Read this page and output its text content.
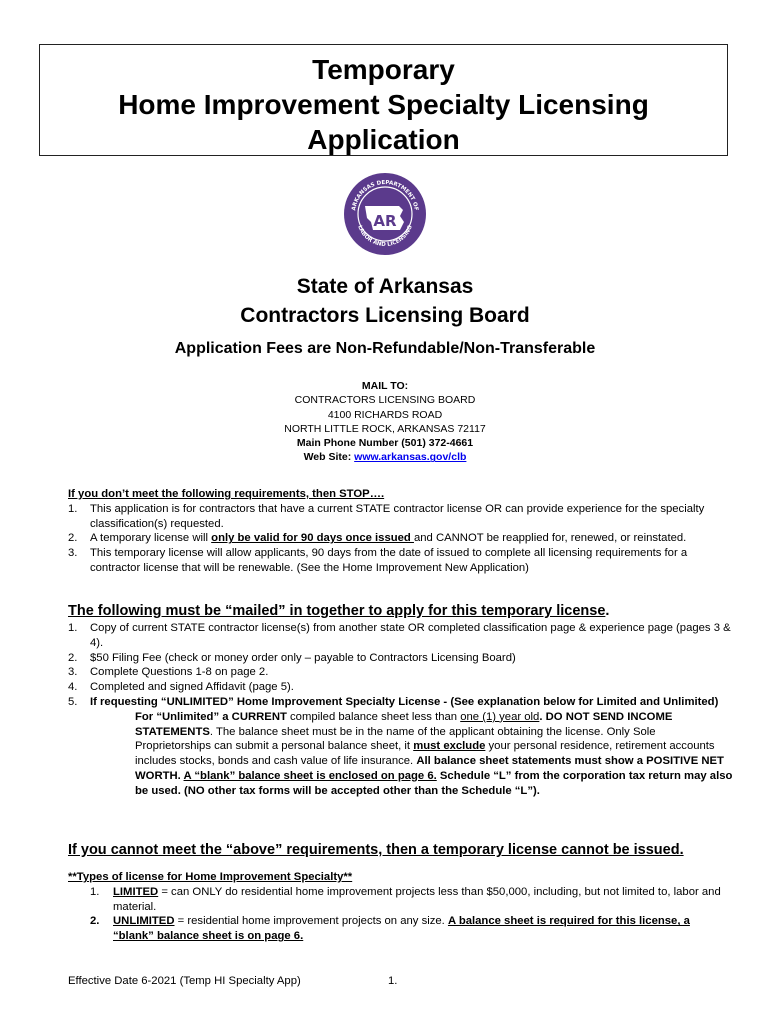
Temporary
Home Improvement Specialty Licensing
Application
ARKANSAS DEPARTMENT OF
LABOR AND LICENSING
AR
State of Arkansas
Contractors Licensing Board
Application Fees are Non-Refundable/Non-Transferable
MAIL TO:
CONTRACTORS LICENSING BOARD
4100 RICHARDS ROAD
NORTH LITTLE ROCK, ARKANSAS 72117
Main Phone Number (501) 372-4661
Web Site: www.arkansas.gov/clb
If you don’t meet the following requirements, then STOP….
1. This application is for contractors that have a current STATE contractor license OR can provide experience for the specialty classification(s) requested.
2. A temporary license will only be valid for 90 days once issued and CANNOT be reapplied for, renewed, or reinstated.
3. This temporary license will allow applicants, 90 days from the date of issued to complete all licensing requirements for a contractor license that will be renewable. (See the Home Improvement New Application)
The following must be “mailed” in together to apply for this temporary license.
1. Copy of current STATE contractor license(s) from another state OR completed classification page & experience page (pages 3 & 4).
2. $50 Filing Fee (check or money order only – payable to Contractors Licensing Board)
3. Complete Questions 1-8 on page 2.
4. Completed and signed Affidavit (page 5).
5. If requesting “UNLIMITED” Home Improvement Specialty License - (See explanation below for Limited and Unlimited)
For “Unlimited” a CURRENT compiled balance sheet less than one (1) year old. DO NOT SEND INCOME STATEMENTS. The balance sheet must be in the name of the applicant obtaining the license. Only Sole Proprietorships can submit a personal balance sheet, it must exclude your personal residence, retirement accounts includes stocks, bonds and cash value of life insurance. All balance sheet statements must show a POSITIVE NET WORTH. A “blank” balance sheet is enclosed on page 6. Schedule “L” from the corporation tax return may also be used. (NO other tax forms will be accepted other than the Schedule “L”).
If you cannot meet the “above” requirements, then a temporary license cannot be issued.
**Types of license for Home Improvement Specialty**
1. LIMITED = can ONLY do residential home improvement projects less than $50,000, including, but not limited to, labor and material.
2. UNLIMITED = residential home improvement projects on any size. A balance sheet is required for this license, a “blank” balance sheet is on page 6.
Effective Date 6-2021 (Temp HI Specialty App)	1.
